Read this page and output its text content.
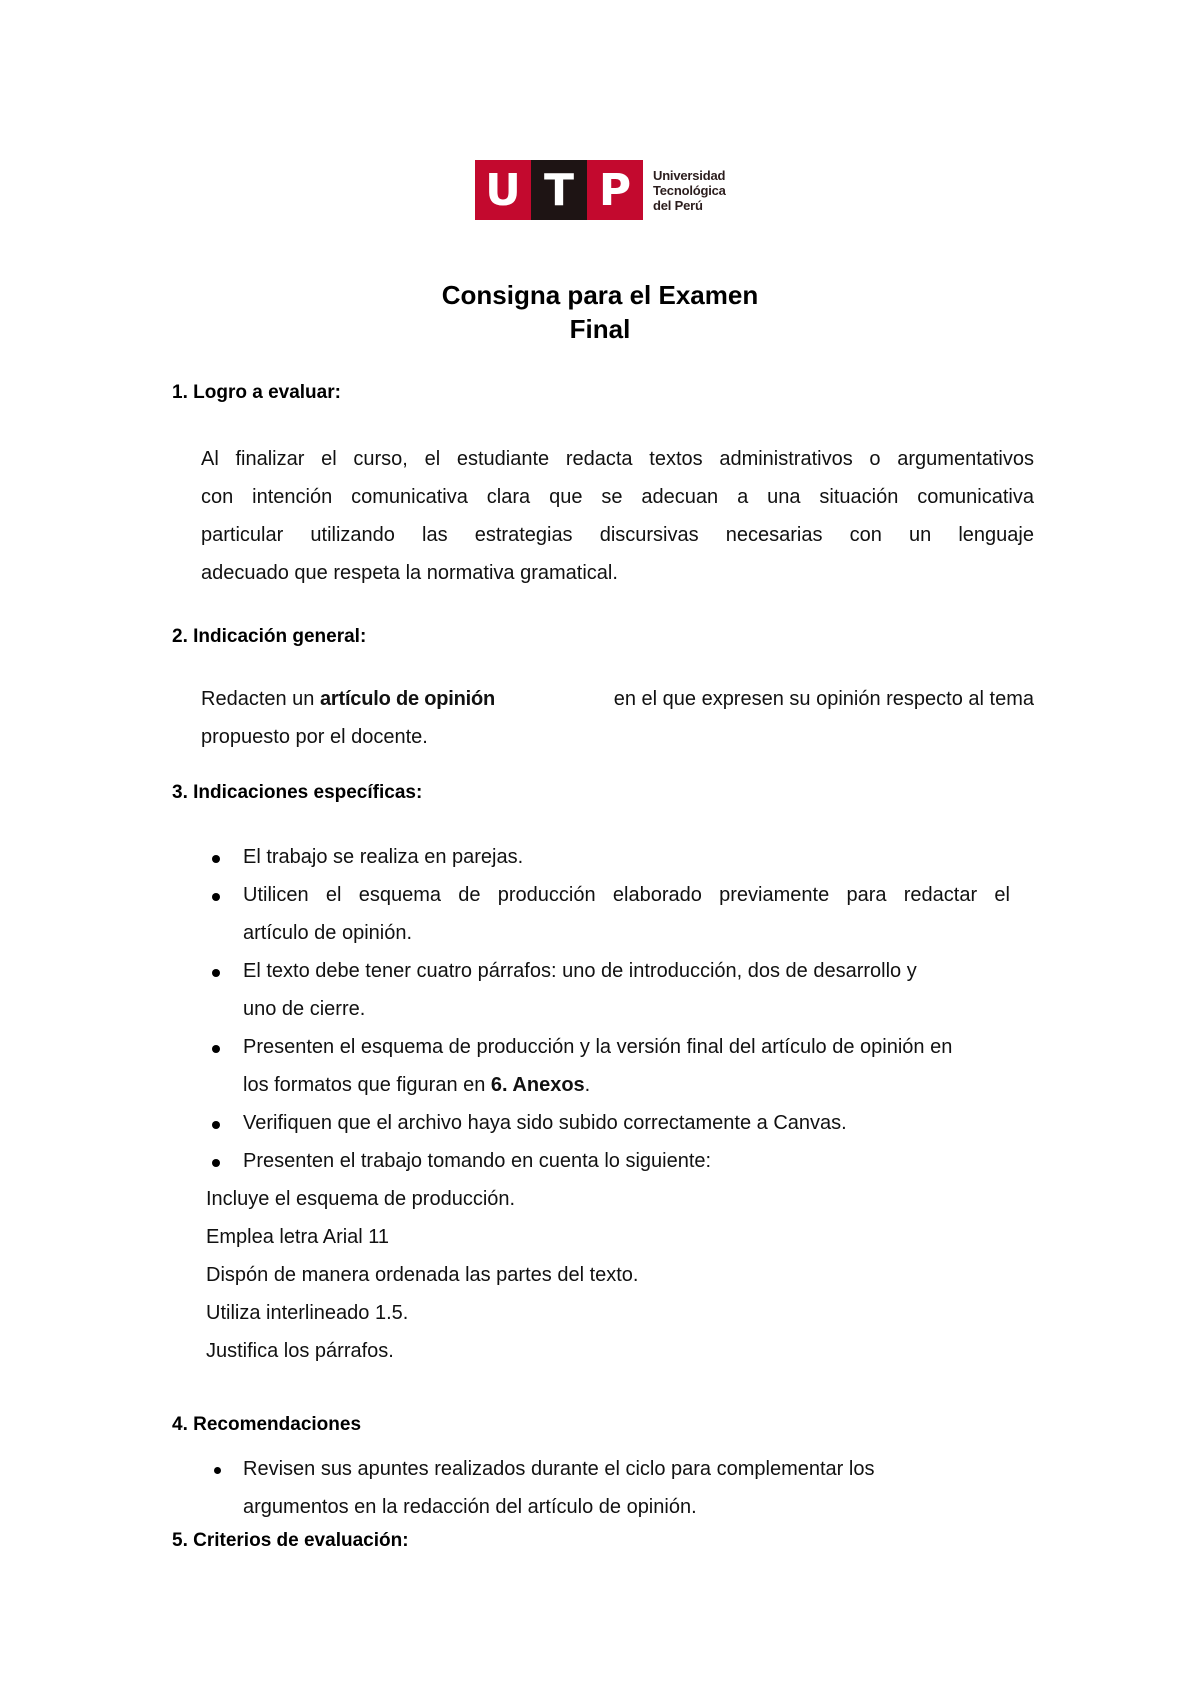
U T P	Universidad
Tecnológica
del Perú
Consigna para el Examen
Final
1. Logro a evaluar:
Al finalizar el curso, el estudiante redacta textos administrativos o argumentativos
con intención comunicativa clara que se adecuan a una situación comunicativa
particular utilizando las estrategias discursivas necesarias con un lenguaje
adecuado que respeta la normativa gramatical.
2. Indicación general:
Redacten un artículo de opinión	en el que expresen su opinión respecto al tema
propuesto por el docente.
3. Indicaciones específicas:
El trabajo se realiza en parejas.
Utilicen el esquema de producción elaborado previamente para redactar el
artículo de opinión.
El texto debe tener cuatro párrafos: uno de introducción, dos de desarrollo y
uno de cierre.
Presenten el esquema de producción y la versión final del artículo de opinión en
los formatos que figuran en 6. Anexos.
Verifiquen que el archivo haya sido subido correctamente a Canvas.
Presenten el trabajo tomando en cuenta lo siguiente:
Incluye el esquema de producción.
Emplea letra Arial 11
Dispón de manera ordenada las partes del texto.
Utiliza interlineado 1.5.
Justifica los párrafos.
4. Recomendaciones
Revisen sus apuntes realizados durante el ciclo para complementar los
argumentos en la redacción del artículo de opinión.
5. Criterios de evaluación:
